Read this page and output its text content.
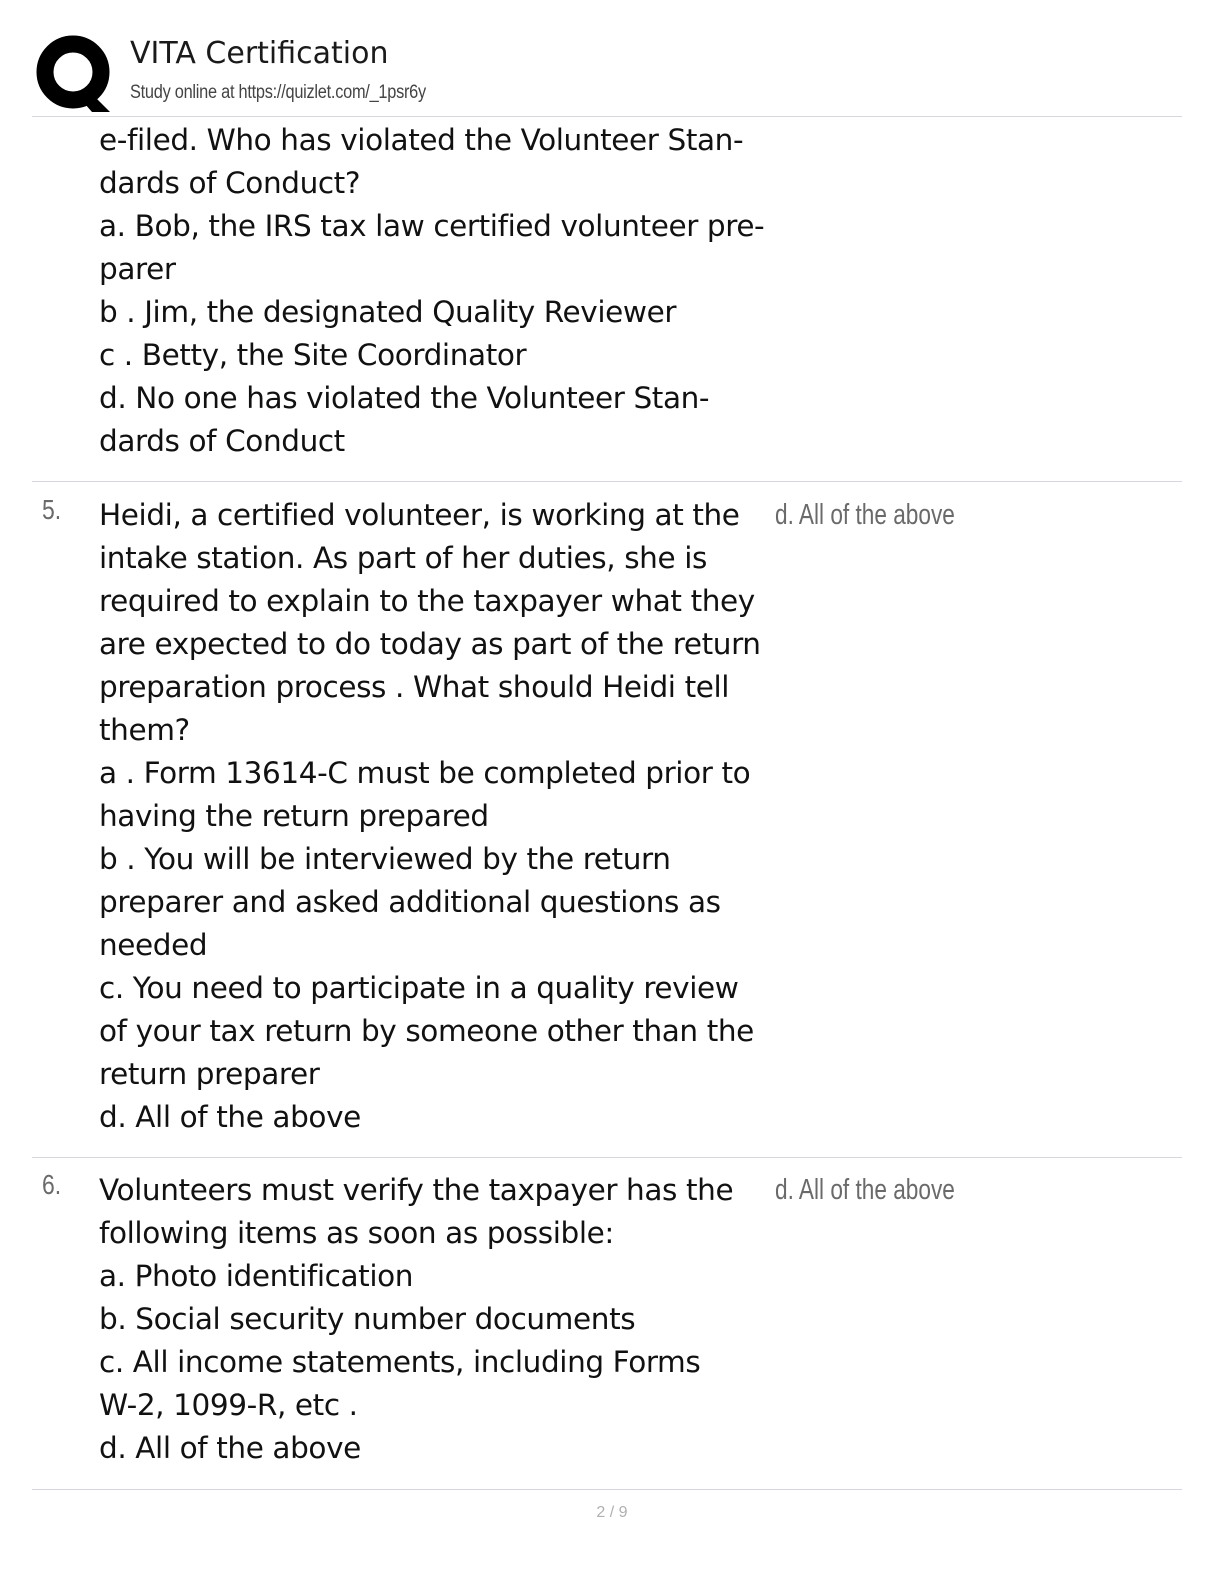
VITA Certification
Study online at https://quizlet.com/_1psr6y
e-filed. Who has violated the Volunteer Stan-
dards of Conduct?
a. Bob, the IRS tax law certified volunteer pre-
parer
b . Jim, the designated Quality Reviewer
c . Betty, the Site Coordinator
d. No one has violated the Volunteer Stan-
dards of Conduct
5. Heidi, a certified volunteer, is working at the
intake station. As part of her duties, she is
required to explain to the taxpayer what they
are expected to do today as part of the return
preparation process . What should Heidi tell
them?
a . Form 13614-C must be completed prior to
having the return prepared
b . You will be interviewed by the return
preparer and asked additional questions as
needed
c. You need to participate in a quality review
of your tax return by someone other than the
return preparer
d. All of the above
d. All of the above
6. Volunteers must verify the taxpayer has the
following items as soon as possible:
a. Photo identification
b. Social security number documents
c. All income statements, including Forms
W-2, 1099-R, etc .
d. All of the above
d. All of the above
2 / 9
